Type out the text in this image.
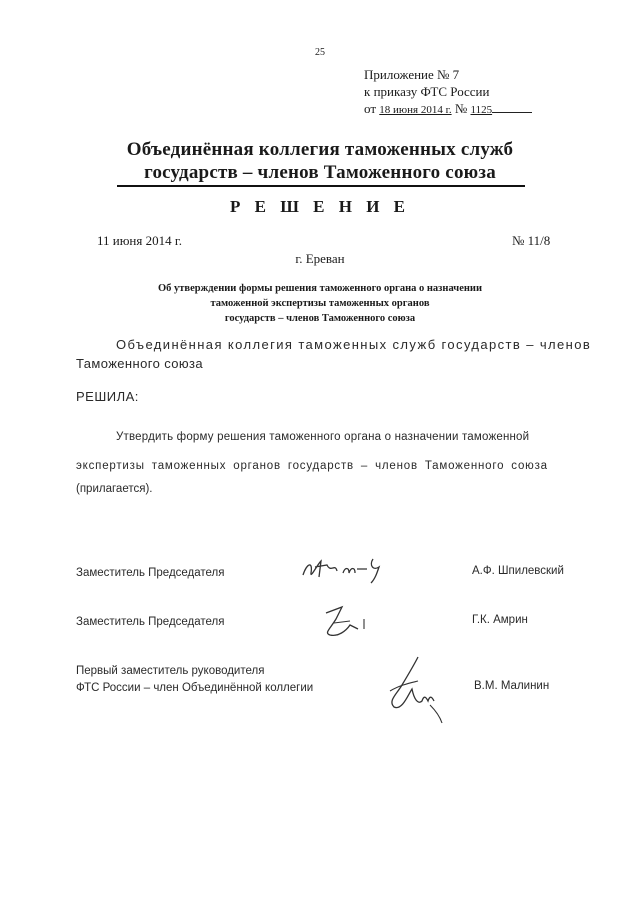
25
Приложение № 7
к приказу ФТС России
от 18 июня 2014 г. № 1125
Объединённая коллегия таможенных служб
государств – членов Таможенного союза
Р Е Ш Е Н И Е
11 июня 2014 г.	№ 11/8
г. Ереван
Об утверждении формы решения таможенного органа о назначении
таможенной экспертизы таможенных органов
государств – членов Таможенного союза
Объединённая коллегия таможенных служб государств – членов
Таможенного союза
РЕШИЛА:
Утвердить форму решения таможенного органа о назначении таможенной
экспертизы таможенных органов государств – членов Таможенного союза
(прилагается).
Заместитель Председателя	А.Ф. Шпилевский
Заместитель Председателя	Г.К. Амрин
Первый заместитель руководителя
ФТС России – член Объединённой коллегии	В.М. Малинин
